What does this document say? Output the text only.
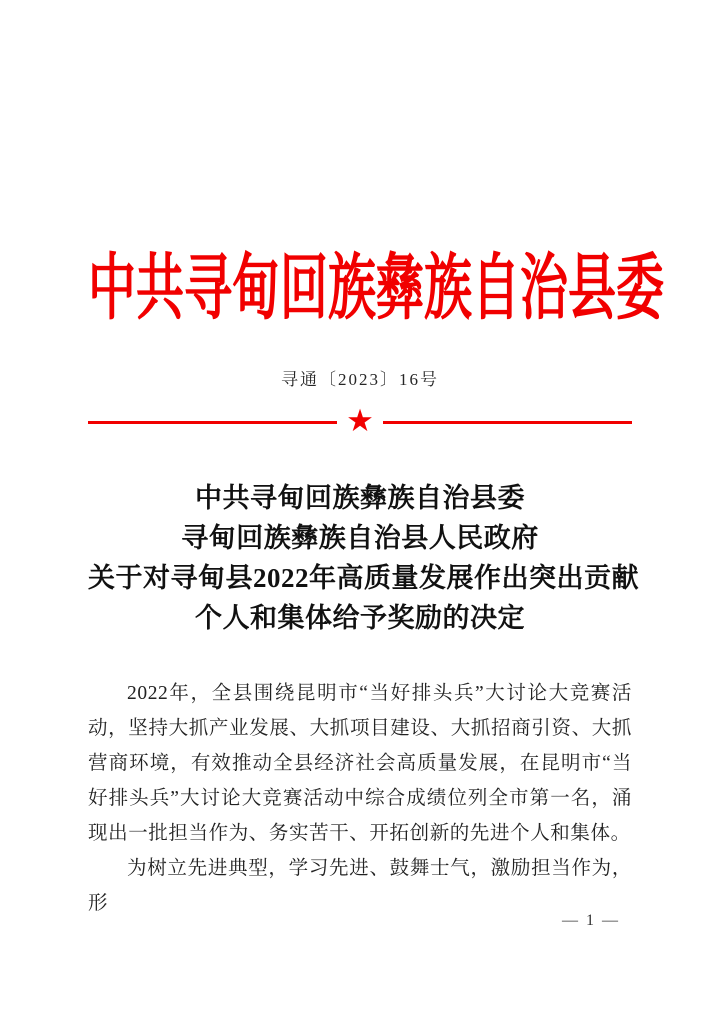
中共寻甸回族彝族自治县委
寻通〔2023〕16号
★
中共寻甸回族彝族自治县委
寻甸回族彝族自治县人民政府
关于对寻甸县2022年高质量发展作出突出贡献
个人和集体给予奖励的决定

2022年，全县围绕昆明市“当好排头兵”大讨论大竞赛活动，坚持大抓产业发展、大抓项目建设、大抓招商引资、大抓营商环境，有效推动全县经济社会高质量发展，在昆明市“当好排头兵”大讨论大竞赛活动中综合成绩位列全市第一名，涌现出一批担当作为、务实苦干、开拓创新的先进个人和集体。

为树立先进典型，学习先进、鼓舞士气，激励担当作为，形

— 1 —
